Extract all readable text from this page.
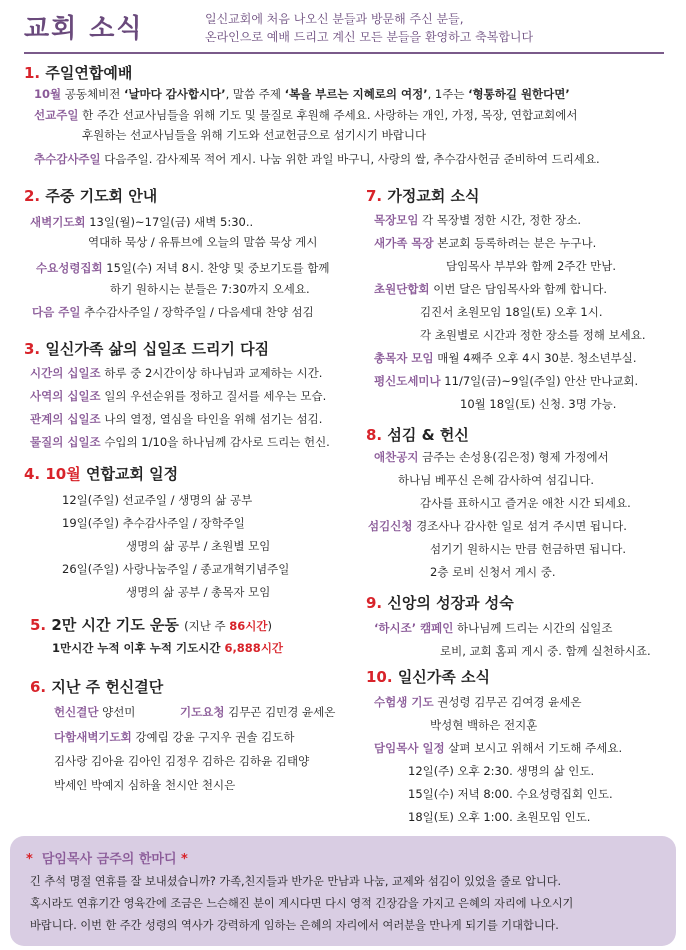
교회 소식	일신교회에 처음 나오신 분들과 방문해 주신 분들,
온라인으로 예배 드리고 계신 모든 분들을 환영하고 축복합니다
1. 주일연합예배
10월 공동체비전 ‘날마다 감사합시다’, 말씀 주제 ‘복을 부르는 지혜로의 여정’, 1주는 ‘형통하길 원한다면’
선교주일 한 주간 선교사님들을 위해 기도 및 물질로 후원해 주세요. 사랑하는 개인, 가정, 목장, 연합교회에서
후원하는 선교사님들을 위해 기도와 선교헌금으로 섬기시기 바랍니다
추수감사주일 다음주일. 감사제목 적어 게시. 나눔 위한 과일 바구니, 사랑의 쌀, 추수감사헌금 준비하여 드리세요.
2. 주중 기도회 안내
새벽기도회 13일(월)~17일(금) 새벽 5:30..
역대하 묵상 / 유튜브에 오늘의 말씀 묵상 게시
수요성령집회 15일(수) 저녁 8시. 찬양 및 중보기도를 함께
하기 원하시는 분들은 7:30까지 오세요.
다음 주일 추수감사주일 / 장학주일 / 다음세대 찬양 섬김
3. 일신가족 삶의 십일조 드리기 다짐
시간의 십일조 하루 중 2시간이상 하나님과 교제하는 시간.
사역의 십일조 일의 우선순위를 정하고 질서를 세우는 모습.
관계의 십일조 나의 열정, 열심을 타인을 위해 섬기는 섬김.
물질의 십일조 수입의 1/10을 하나님께 감사로 드리는 헌신.
4. 10월 연합교회 일정
12일(주일) 선교주일 / 생명의 삶 공부
19일(주일) 추수감사주일 / 장학주일
생명의 삶 공부 / 초원별 모임
26일(주일) 사랑나눔주일 / 종교개혁기념주일
생명의 삶 공부 / 총목자 모임
5. 2만 시간 기도 운동 (지난 주 86시간)
1만시간 누적 이후 누적 기도시간 6,888시간
6. 지난 주 헌신결단
헌신결단 양선미	기도요청 김무곤 김민경 윤세온
다함새벽기도회 강예림 강윤 구지우 권솔 김도하
김사랑 김아윤 김아인 김정우 김하은 김하윤 김태양
박세인 박예지 심하율 천시안 천시은
7. 가정교회 소식
목장모임 각 목장별 정한 시간, 정한 장소.
새가족 목장 본교회 등록하려는 분은 누구나.
담임목사 부부와 함께 2주간 만남.
초원단합회 이번 달은 담임목사와 함께 합니다.
김진서 초원모임 18일(토) 오후 1시.
각 초원별로 시간과 정한 장소를 정해 보세요.
총목자 모임 매월 4째주 오후 4시 30분. 청소년부실.
평신도세미나 11/7일(금)~9일(주일) 안산 만나교회.
10월 18일(토) 신청. 3명 가능.
8. 섬김 & 헌신
애찬공지 금주는 손성용(김은정) 형제 가정에서
하나님 베푸신 은혜 감사하여 섬깁니다.
감사를 표하시고 즐거운 애찬 시간 되세요.
섬김신청 경조사나 감사한 일로 섬겨 주시면 됩니다.
섬기기 원하시는 만큼 헌금하면 됩니다.
2층 로비 신청서 게시 중.
9. 신앙의 성장과 성숙
‘하시조’ 캠페인 하나님께 드리는 시간의 십일조
로비, 교회 홈피 게시 중. 함께 실천하시죠.
10. 일신가족 소식
수험생 기도 권성령 김무곤 김여경 윤세온
박성현 백하은 전지훈
담임목사 일정 살펴 보시고 위해서 기도해 주세요.
12일(주) 오후 2:30. 생명의 삶 인도.
15일(수) 저녁 8:00. 수요성령집회 인도.
18일(토) 오후 1:00. 초원모임 인도.
* 담임목사 금주의 한마디 *
긴 추석 명절 연휴를 잘 보내셨습니까? 가족,친지들과 반가운 만남과 나눔, 교제와 섬김이 있었을 줄로 압니다.
혹시라도 연휴기간 영육간에 조금은 느슨해진 분이 계시다면 다시 영적 긴장감을 가지고 은혜의 자리에 나오시기
바랍니다. 이번 한 주간 성령의 역사가 강력하게 임하는 은혜의 자리에서 여러분을 만나게 되기를 기대합니다.
